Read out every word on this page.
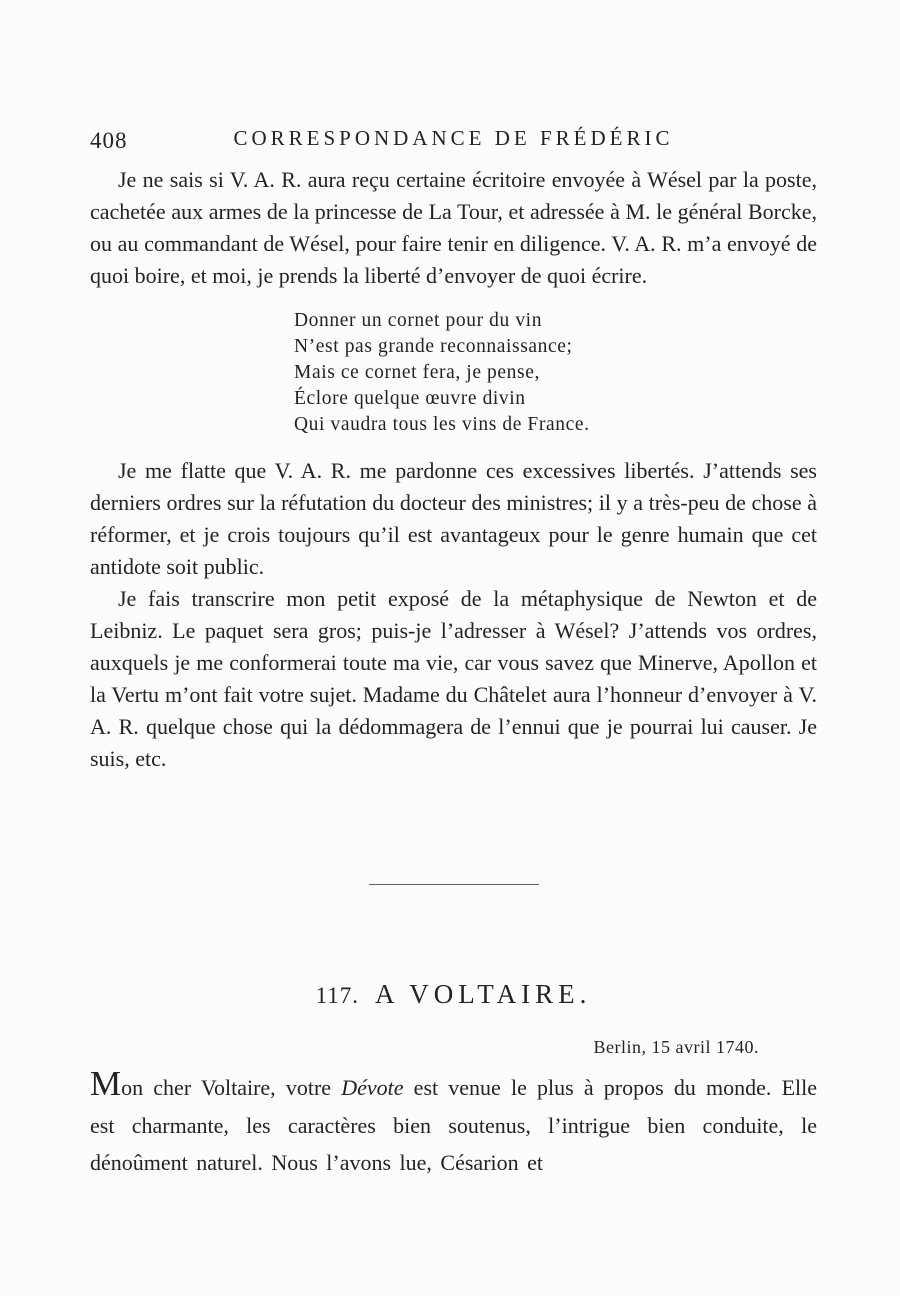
408	CORRESPONDANCE DE FRÉDÉRIC

Je ne sais si V. A. R. aura reçu certaine écritoire envoyée à Wésel par la poste, cachetée aux armes de la princesse de La Tour, et adressée à M. le général Borcke, ou au commandant de Wésel, pour faire tenir en diligence. V. A. R. m’a envoyé de quoi boire, et moi, je prends la liberté d’envoyer de quoi écrire.

Donner un cornet pour du vin
N’est pas grande reconnaissance;
Mais ce cornet fera, je pense,
Éclore quelque œuvre divin
Qui vaudra tous les vins de France.

Je me flatte que V. A. R. me pardonne ces excessives libertés. J’attends ses derniers ordres sur la réfutation du docteur des ministres; il y a très-peu de chose à réformer, et je crois toujours qu’il est avantageux pour le genre humain que cet antidote soit public.

Je fais transcrire mon petit exposé de la métaphysique de Newton et de Leibniz. Le paquet sera gros; puis-je l’adresser à Wésel? J’attends vos ordres, auxquels je me conformerai toute ma vie, car vous savez que Minerve, Apollon et la Vertu m’ont fait votre sujet. Madame du Châtelet aura l’honneur d’envoyer à V. A. R. quelque chose qui la dédommagera de l’ennui que je pourrai lui causer. Je suis, etc.

117. A VOLTAIRE.
Berlin, 15 avril 1740.

Mon cher Voltaire, votre Dévote est venue le plus à propos du monde. Elle est charmante, les caractères bien soutenus, l’intrigue bien conduite, le dénoûment naturel. Nous l’avons lue, Césarion et
